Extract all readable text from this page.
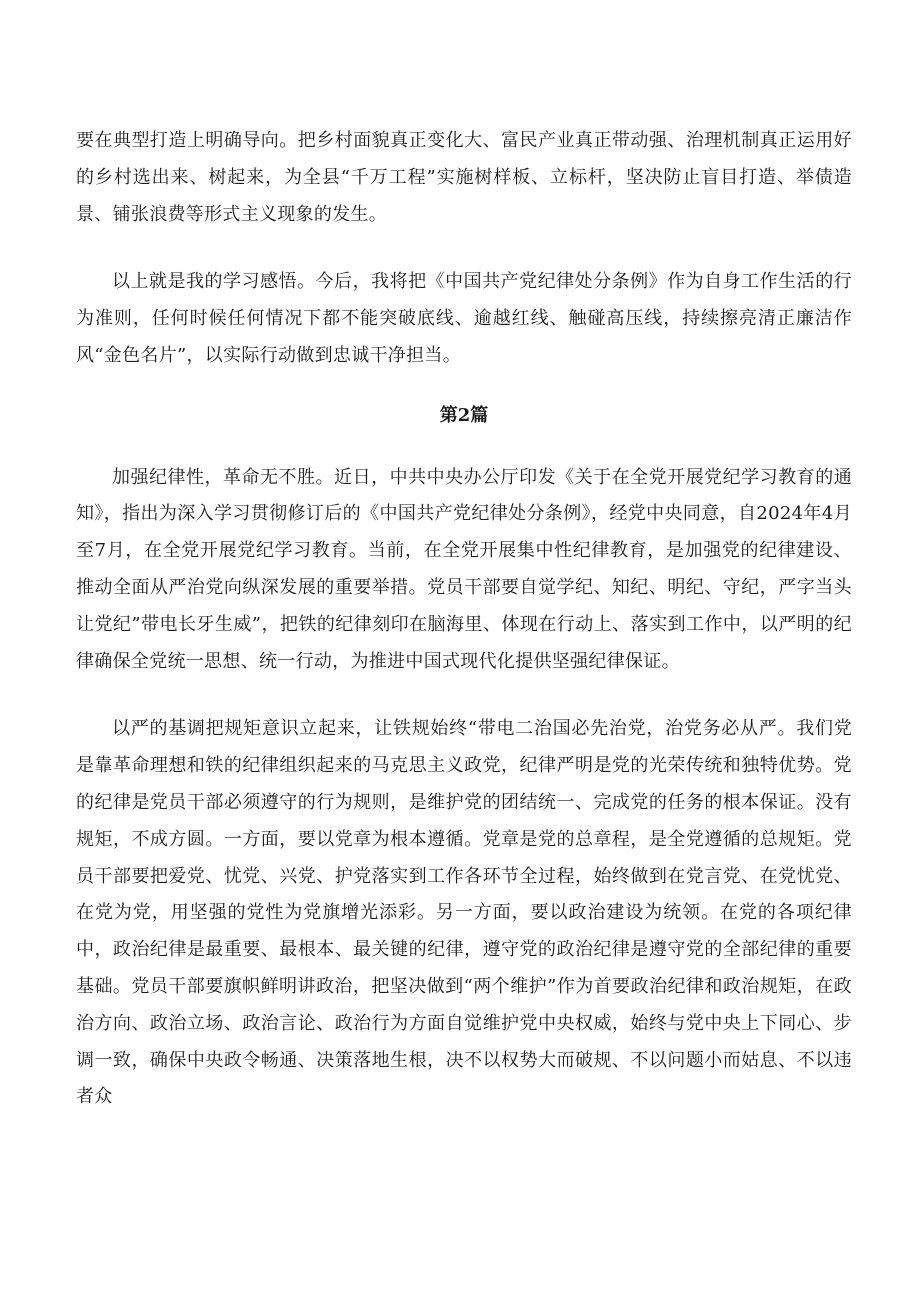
要在典型打造上明确导向。把乡村面貌真正变化大、富民产业真正带动强、治理机制真正运用好的乡村选出来、树起来，为全县“千万工程”实施树样板、立标杆，坚决防止盲目打造、举债造景、铺张浪费等形式主义现象的发生。

以上就是我的学习感悟。今后，我将把《中国共产党纪律处分条例》作为自身工作生活的行为准则，任何时候任何情况下都不能突破底线、逾越红线、触碰高压线，持续擦亮清正廉洁作风“金色名片”，以实际行动做到忠诚干净担当。

第2篇

加强纪律性，革命无不胜。近日，中共中央办公厅印发《关于在全党开展党纪学习教育的通知》，指出为深入学习贯彻修订后的《中国共产党纪律处分条例》，经党中央同意，自2024年4月至7月，在全党开展党纪学习教育。当前，在全党开展集中性纪律教育，是加强党的纪律建设、推动全面从严治党向纵深发展的重要举措。党员干部要自觉学纪、知纪、明纪、守纪，严字当头让党纪”带电长牙生威”，把铁的纪律刻印在脑海里、体现在行动上、落实到工作中，以严明的纪律确保全党统一思想、统一行动，为推进中国式现代化提供坚强纪律保证。

以严的基调把规矩意识立起来，让铁规始终“带电二治国必先治党，治党务必从严。我们党是靠革命理想和铁的纪律组织起来的马克思主义政党，纪律严明是党的光荣传统和独特优势。党的纪律是党员干部必须遵守的行为规则，是维护党的团结统一、完成党的任务的根本保证。没有规矩，不成方圆。一方面，要以党章为根本遵循。党章是党的总章程，是全党遵循的总规矩。党员干部要把爱党、忧党、兴党、护党落实到工作各环节全过程，始终做到在党言党、在党忧党、在党为党，用坚强的党性为党旗增光添彩。另一方面，要以政治建设为统领。在党的各项纪律中，政治纪律是最重要、最根本、最关键的纪律，遵守党的政治纪律是遵守党的全部纪律的重要基础。党员干部要旗帜鲜明讲政治，把坚决做到“两个维护”作为首要政治纪律和政治规矩，在政治方向、政治立场、政治言论、政治行为方面自觉维护党中央权威，始终与党中央上下同心、步调一致，确保中央政令畅通、决策落地生根，决不以权势大而破规、不以问题小而姑息、不以违者众
